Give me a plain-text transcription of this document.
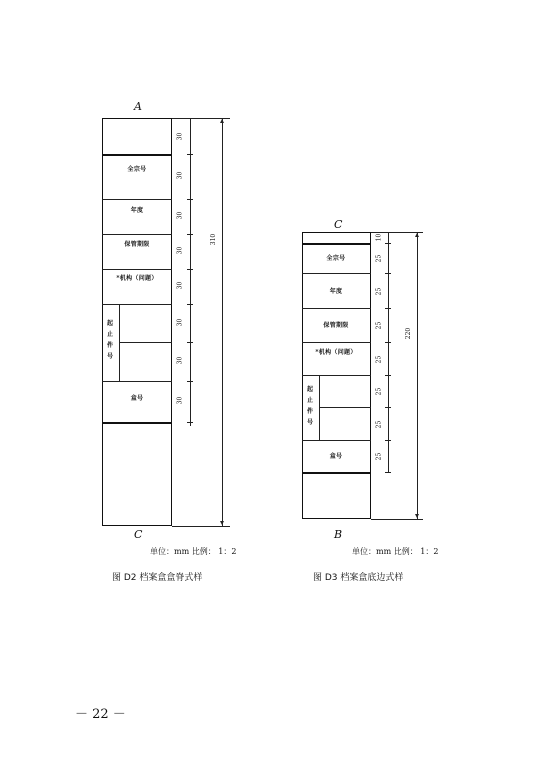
A
全宗号
年度
保管期限
*机构（问题）
起止件号
盒号
30
30
30
30
30
30
30
30
310
C
单位：mm 比例： 1：2
图 D2 档案盒盒脊式样
C
全宗号
年度
保管期限
*机构（问题）
起止件号
盒号
10
25
25
25
25
25
25
25
220
B
单位：mm 比例： 1：2
图 D3 档案盒底边式样
－ 22 －
